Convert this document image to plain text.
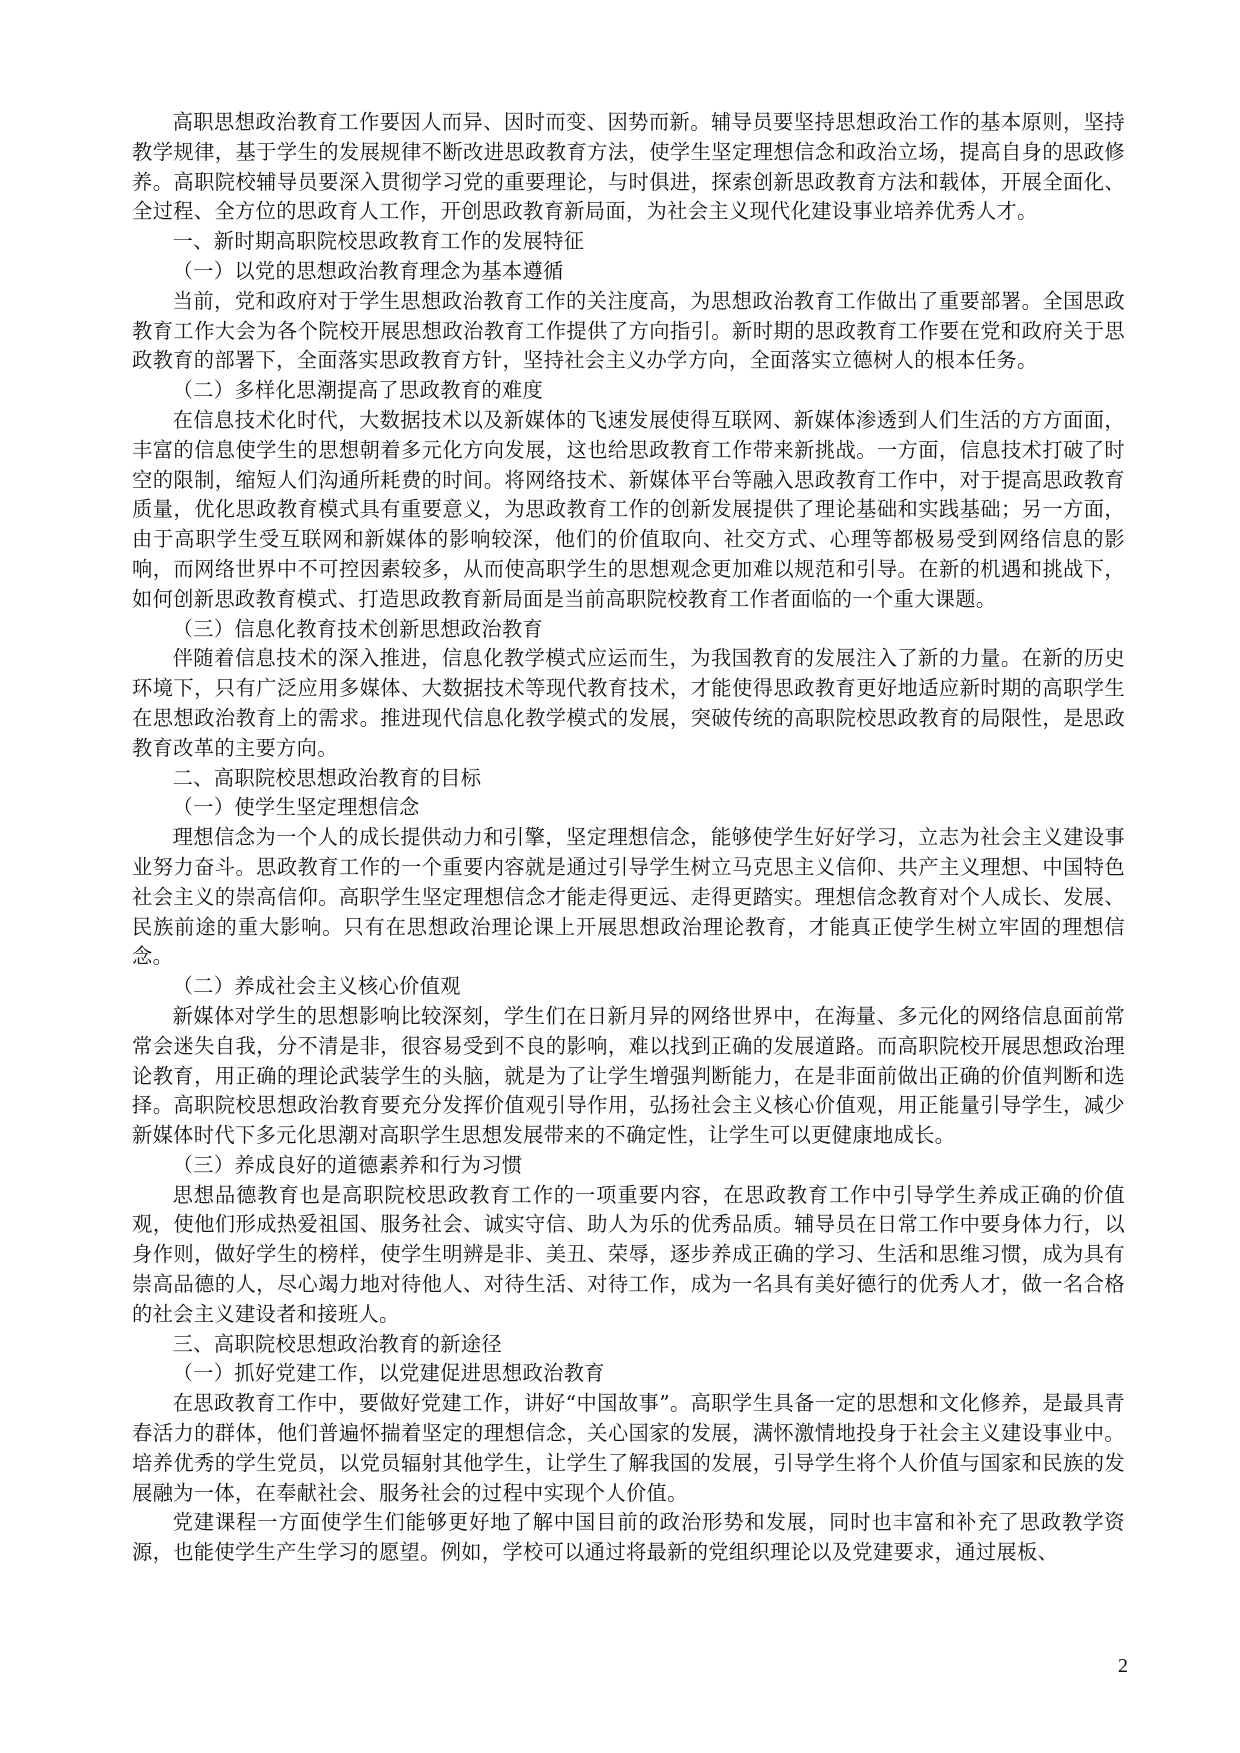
高职思想政治教育工作要因人而异、因时而变、因势而新。辅导员要坚持思想政治工作的基本原则，坚持教学规律，基于学生的发展规律不断改进思政教育方法，使学生坚定理想信念和政治立场，提高自身的思政修养。高职院校辅导员要深入贯彻学习党的重要理论，与时俱进，探索创新思政教育方法和载体，开展全面化、全过程、全方位的思政育人工作，开创思政教育新局面，为社会主义现代化建设事业培养优秀人才。

一、新时期高职院校思政教育工作的发展特征

（一）以党的思想政治教育理念为基本遵循

当前，党和政府对于学生思想政治教育工作的关注度高，为思想政治教育工作做出了重要部署。全国思政教育工作大会为各个院校开展思想政治教育工作提供了方向指引。新时期的思政教育工作要在党和政府关于思政教育的部署下，全面落实思政教育方针，坚持社会主义办学方向，全面落实立德树人的根本任务。

（二）多样化思潮提高了思政教育的难度

在信息技术化时代，大数据技术以及新媒体的飞速发展使得互联网、新媒体渗透到人们生活的方方面面，丰富的信息使学生的思想朝着多元化方向发展，这也给思政教育工作带来新挑战。一方面，信息技术打破了时空的限制，缩短人们沟通所耗费的时间。将网络技术、新媒体平台等融入思政教育工作中，对于提高思政教育质量，优化思政教育模式具有重要意义，为思政教育工作的创新发展提供了理论基础和实践基础；另一方面，由于高职学生受互联网和新媒体的影响较深，他们的价值取向、社交方式、心理等都极易受到网络信息的影响，而网络世界中不可控因素较多，从而使高职学生的思想观念更加难以规范和引导。在新的机遇和挑战下，如何创新思政教育模式、打造思政教育新局面是当前高职院校教育工作者面临的一个重大课题。

（三）信息化教育技术创新思想政治教育

伴随着信息技术的深入推进，信息化教学模式应运而生，为我国教育的发展注入了新的力量。在新的历史环境下，只有广泛应用多媒体、大数据技术等现代教育技术，才能使得思政教育更好地适应新时期的高职学生在思想政治教育上的需求。推进现代信息化教学模式的发展，突破传统的高职院校思政教育的局限性，是思政教育改革的主要方向。

二、高职院校思想政治教育的目标

（一）使学生坚定理想信念

理想信念为一个人的成长提供动力和引擎，坚定理想信念，能够使学生好好学习，立志为社会主义建设事业努力奋斗。思政教育工作的一个重要内容就是通过引导学生树立马克思主义信仰、共产主义理想、中国特色社会主义的崇高信仰。高职学生坚定理想信念才能走得更远、走得更踏实。理想信念教育对个人成长、发展、民族前途的重大影响。只有在思想政治理论课上开展思想政治理论教育，才能真正使学生树立牢固的理想信念。

（二）养成社会主义核心价值观

新媒体对学生的思想影响比较深刻，学生们在日新月异的网络世界中，在海量、多元化的网络信息面前常常会迷失自我，分不清是非，很容易受到不良的影响，难以找到正确的发展道路。而高职院校开展思想政治理论教育，用正确的理论武装学生的头脑，就是为了让学生增强判断能力，在是非面前做出正确的价值判断和选择。高职院校思想政治教育要充分发挥价值观引导作用，弘扬社会主义核心价值观，用正能量引导学生，减少新媒体时代下多元化思潮对高职学生思想发展带来的不确定性，让学生可以更健康地成长。

（三）养成良好的道德素养和行为习惯

思想品德教育也是高职院校思政教育工作的一项重要内容，在思政教育工作中引导学生养成正确的价值观，使他们形成热爱祖国、服务社会、诚实守信、助人为乐的优秀品质。辅导员在日常工作中要身体力行，以身作则，做好学生的榜样，使学生明辨是非、美丑、荣辱，逐步养成正确的学习、生活和思维习惯，成为具有崇高品德的人，尽心竭力地对待他人、对待生活、对待工作，成为一名具有美好德行的优秀人才，做一名合格的社会主义建设者和接班人。

三、高职院校思想政治教育的新途径

（一）抓好党建工作，以党建促进思想政治教育

在思政教育工作中，要做好党建工作，讲好“中国故事”。高职学生具备一定的思想和文化修养，是最具青春活力的群体，他们普遍怀揣着坚定的理想信念，关心国家的发展，满怀激情地投身于社会主义建设事业中。培养优秀的学生党员，以党员辐射其他学生，让学生了解我国的发展，引导学生将个人价值与国家和民族的发展融为一体，在奉献社会、服务社会的过程中实现个人价值。

党建课程一方面使学生们能够更好地了解中国目前的政治形势和发展，同时也丰富和补充了思政教学资源，也能使学生产生学习的愿望。例如，学校可以通过将最新的党组织理论以及党建要求，通过展板、

2
